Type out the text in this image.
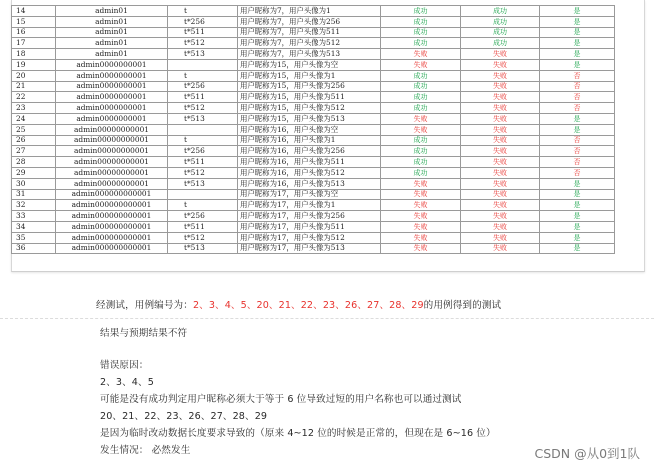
14	admin01	t	用户昵称为7，用户头像为1	成功	成功	是
15	admin01	t*256	用户昵称为7，用户头像为256	成功	成功	是
16	admin01	t*511	用户昵称为7，用户头像为511	成功	成功	是
17	admin01	t*512	用户昵称为7，用户头像为512	成功	成功	是
18	admin01	t*513	用户昵称为7，用户头像为513	失败	失败	是
19	admin0000000001		用户昵称为15，用户头像为空	失败	失败	是
20	admin0000000001	t	用户昵称为15，用户头像为1	成功	失败	否
21	admin0000000001	t*256	用户昵称为15，用户头像为256	成功	失败	否
22	admin0000000001	t*511	用户昵称为15，用户头像为511	成功	失败	否
23	admin0000000001	t*512	用户昵称为15，用户头像为512	成功	失败	否
24	admin0000000001	t*513	用户昵称为15，用户头像为513	失败	失败	是
25	admin00000000001		用户昵称为16，用户头像为空	失败	失败	是
26	admin00000000001	t	用户昵称为16，用户头像为1	成功	失败	否
27	admin00000000001	t*256	用户昵称为16，用户头像为256	成功	失败	否
28	admin00000000001	t*511	用户昵称为16，用户头像为511	成功	失败	否
29	admin00000000001	t*512	用户昵称为16，用户头像为512	成功	失败	否
30	admin00000000001	t*513	用户昵称为16，用户头像为513	失败	失败	是
31	admin000000000001		用户昵称为17，用户头像为空	失败	失败	是
32	admin000000000001	t	用户昵称为17，用户头像为1	失败	失败	是
33	admin000000000001	t*256	用户昵称为17，用户头像为256	失败	失败	是
34	admin000000000001	t*511	用户昵称为17，用户头像为511	失败	失败	是
35	admin000000000001	t*512	用户昵称为17，用户头像为512	失败	失败	是
36	admin000000000001	t*513	用户昵称为17，用户头像为513	失败	失败	是

经测试，用例编号为：2、3、4、5、20、21、22、23、26、27、28、29的用例得到的测试

结果与预期结果不符

错误原因：

2、3、4、5

可能是没有成功判定用户昵称必须大于等于 6 位导致过短的用户名称也可以通过测试

20、21、22、23、26、27、28、29

是因为临时改动数据长度要求导致的（原来 4~12 位的时候是正常的，但现在是 6~16 位）

发生情况： 必然发生	CSDN @从0到1队
